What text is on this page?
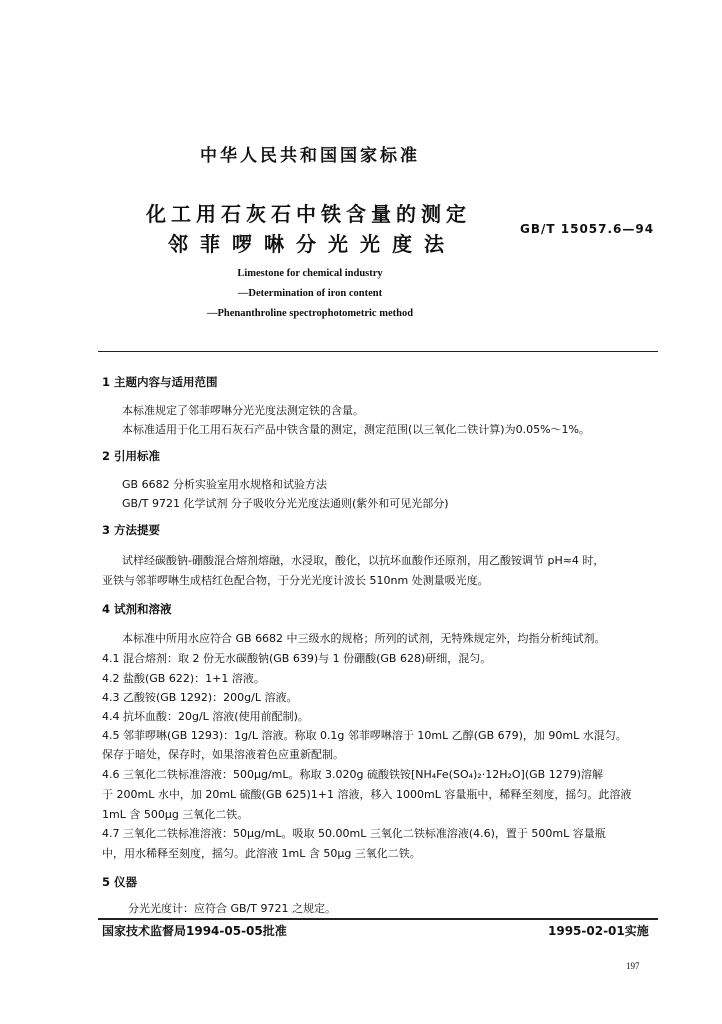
中华人民共和国国家标准
化工用石灰石中铁含量的测定
邻菲啰啉分光光度法
GB/T 15057.6—94
Limestone for chemical industry
—Determination of iron content
—Phenanthroline spectrophotometric method
1 主题内容与适用范围
本标准规定了邻菲啰啉分光光度法测定铁的含量。
本标准适用于化工用石灰石产品中铁含量的测定，测定范围(以三氧化二铁计算)为0.05%～1%。
2 引用标准
GB 6682 分析实验室用水规格和试验方法
GB/T 9721 化学试剂 分子吸收分光光度法通则(紫外和可见光部分)
3 方法提要
试样经碳酸钠-硼酸混合熔剂熔融，水浸取，酸化，以抗坏血酸作还原剂，用乙酸铵调节 pH≈4 时，
亚铁与邻菲啰啉生成桔红色配合物，于分光光度计波长 510nm 处测量吸光度。
4 试剂和溶液
本标准中所用水应符合 GB 6682 中三级水的规格；所列的试剂，无特殊规定外，均指分析纯试剂。
4.1 混合熔剂：取 2 份无水碳酸钠(GB 639)与 1 份硼酸(GB 628)研细，混匀。
4.2 盐酸(GB 622)：1+1 溶液。
4.3 乙酸铵(GB 1292)：200g/L 溶液。
4.4 抗坏血酸：20g/L 溶液(使用前配制)。
4.5 邻菲啰啉(GB 1293)：1g/L 溶液。称取 0.1g 邻菲啰啉溶于 10mL 乙醇(GB 679)，加 90mL 水混匀。
保存于暗处，保存时，如果溶液着色应重新配制。
4.6 三氧化二铁标准溶液：500μg/mL。称取 3.020g 硫酸铁铵[NH₄Fe(SO₄)₂·12H₂O](GB 1279)溶解
于 200mL 水中，加 20mL 硫酸(GB 625)1+1 溶液，移入 1000mL 容量瓶中，稀释至刻度，摇匀。此溶液
1mL 含 500μg 三氧化二铁。
4.7 三氧化二铁标准溶液：50μg/mL。吸取 50.00mL 三氧化二铁标准溶液(4.6)，置于 500mL 容量瓶
中，用水稀释至刻度，摇匀。此溶液 1mL 含 50μg 三氧化二铁。
5 仪器
分光光度计：应符合 GB/T 9721 之规定。
国家技术监督局1994-05-05批准	1995-02-01实施
197
